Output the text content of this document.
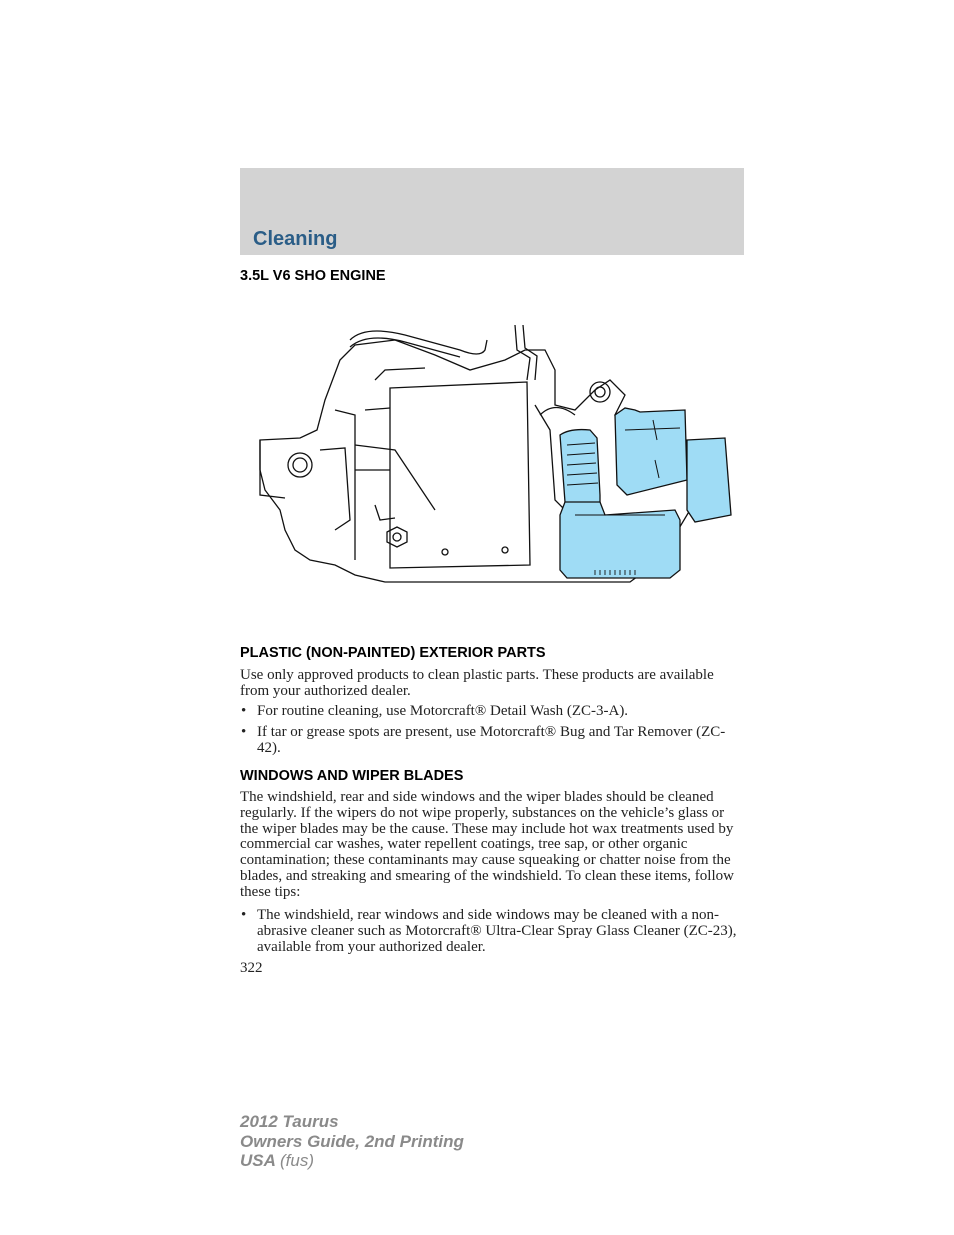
Cleaning
3.5L V6 SHO ENGINE
PLASTIC (NON-PAINTED) EXTERIOR PARTS
Use only approved products to clean plastic parts. These products are available from your authorized dealer.
• For routine cleaning, use Motorcraft® Detail Wash (ZC-3-A).
• If tar or grease spots are present, use Motorcraft® Bug and Tar Remover (ZC-42).
WINDOWS AND WIPER BLADES
The windshield, rear and side windows and the wiper blades should be cleaned regularly. If the wipers do not wipe properly, substances on the vehicle’s glass or the wiper blades may be the cause. These may include hot wax treatments used by commercial car washes, water repellent coatings, tree sap, or other organic contamination; these contaminants may cause squeaking or chatter noise from the blades, and streaking and smearing of the windshield. To clean these items, follow these tips:
• The windshield, rear windows and side windows may be cleaned with a non-abrasive cleaner such as Motorcraft® Ultra-Clear Spray Glass Cleaner (ZC-23), available from your authorized dealer.
322
2012 Taurus
Owners Guide, 2nd Printing
USA (fus)
